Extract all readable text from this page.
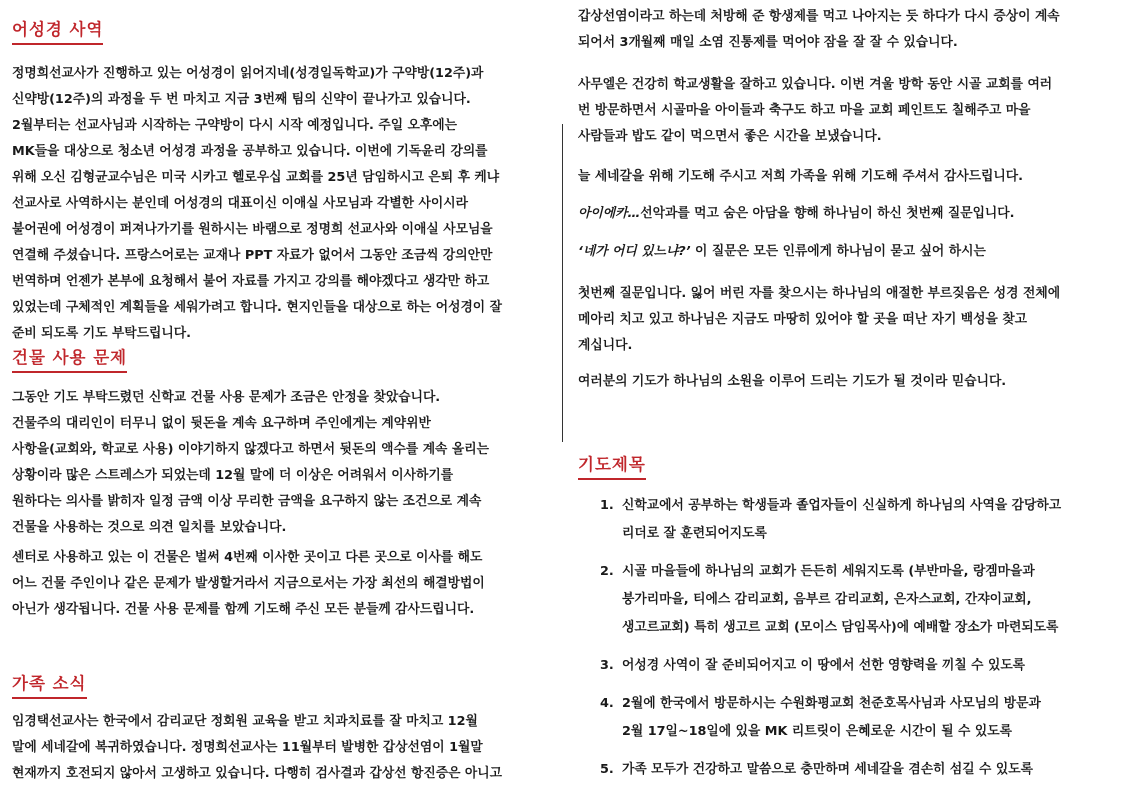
어성경 사역
정명희선교사가 진행하고 있는 어성경이 읽어지네(성경일독학교)가 구약방(12주)과
신약방(12주)의 과정을 두 번 마치고 지금 3번째 팀의 신약이 끝나가고 있습니다.
2월부터는 선교사님과 시작하는 구약방이 다시 시작 예정입니다. 주일 오후에는
MK들을 대상으로 청소년 어성경 과정을 공부하고 있습니다. 이번에 기독윤리 강의를
위해 오신 김형균교수님은 미국 시카고 헬로우십 교회를 25년 담임하시고 은퇴 후 케냐
선교사로 사역하시는 분인데 어성경의 대표이신 이애실 사모님과 각별한 사이시라
불어권에 어성경이 퍼져나가기를 원하시는 바램으로 정명희 선교사와 이애실 사모님을
연결해 주셨습니다. 프랑스어로는 교재나 PPT 자료가 없어서 그동안 조금씩 강의안만
번역하며 언젠가 본부에 요청해서 불어 자료를 가지고 강의를 해야겠다고 생각만 하고
있었는데 구체적인 계획들을 세워가려고 합니다. 현지인들을 대상으로 하는 어성경이 잘
준비 되도록 기도 부탁드립니다.
건물 사용 문제
그동안 기도 부탁드렸던 신학교 건물 사용 문제가 조금은 안정을 찾았습니다.
건물주의 대리인이 터무니 없이 뒷돈을 계속 요구하며 주인에게는 계약위반
사항을(교회와, 학교로 사용) 이야기하지 않겠다고 하면서 뒷돈의 액수를 계속 올리는
상황이라 많은 스트레스가 되었는데 12월 말에 더 이상은 어려워서 이사하기를
원하다는 의사를 밝히자 일정 금액 이상 무리한 금액을 요구하지 않는 조건으로 계속
건물을 사용하는 것으로 의견 일치를 보았습니다.
센터로 사용하고 있는 이 건물은 벌써 4번째 이사한 곳이고 다른 곳으로 이사를 해도
어느 건물 주인이나 같은 문제가 발생할거라서 지금으로서는 가장 최선의 해결방법이
아닌가 생각됩니다. 건물 사용 문제를 함께 기도해 주신 모든 분들께 감사드립니다.
가족 소식
임경택선교사는 한국에서 감리교단 정회원 교육을 받고 치과치료를 잘 마치고 12월
말에 세네갈에 복귀하였습니다. 정명희선교사는 11월부터 발병한 갑상선염이 1월말
현재까지 호전되지 않아서 고생하고 있습니다. 다행히 검사결과 갑상선 항진증은 아니고
갑상선염이라고 하는데 처방해 준 항생제를 먹고 나아지는 듯 하다가 다시 증상이 계속
되어서 3개월째 매일 소염 진통제를 먹어야 잠을 잘 잘 수 있습니다.
사무엘은 건강히 학교생활을 잘하고 있습니다. 이번 겨울 방학 동안 시골 교회를 여러
번 방문하면서 시골마을 아이들과 축구도 하고 마을 교회 페인트도 칠해주고 마을
사람들과 밥도 같이 먹으면서 좋은 시간을 보냈습니다.
늘 세네갈을 위해 기도해 주시고 저희 가족을 위해 기도해 주셔서 감사드립니다.
아이에카…선악과를 먹고 숨은 아담을 향해 하나님이 하신 첫번째 질문입니다.
‘네가 어디 있느냐?’ 이 질문은 모든 인류에게 하나님이 묻고 싶어 하시는
첫번째 질문입니다. 잃어 버린 자를 찾으시는 하나님의 애절한 부르짖음은 성경 전체에
메아리 치고 있고 하나님은 지금도 마땅히 있어야 할 곳을 떠난 자기 백성을 찾고
계십니다.
여러분의 기도가 하나님의 소원을 이루어 드리는 기도가 될 것이라 믿습니다.
기도제목
1. 신학교에서 공부하는 학생들과 졸업자들이 신실하게 하나님의 사역을 감당하고
리더로 잘 훈련되어지도록
2. 시골 마을들에 하나님의 교회가 든든히 세워지도록 (부반마을, 랑겜마을과
붕가리마을, 티에스 감리교회, 음부르 감리교회, 은자스교회, 간쟈이교회,
생고르교회) 특히 생고르 교회 (모이스 담임목사)에 예배할 장소가 마련되도록
3. 어성경 사역이 잘 준비되어지고 이 땅에서 선한 영향력을 끼칠 수 있도록
4. 2월에 한국에서 방문하시는 수원화평교회 천준호목사님과 사모님의 방문과
2월 17일~18일에 있을 MK 리트릿이 은혜로운 시간이 될 수 있도록
5. 가족 모두가 건강하고 말씀으로 충만하며 세네갈을 겸손히 섬길 수 있도록
